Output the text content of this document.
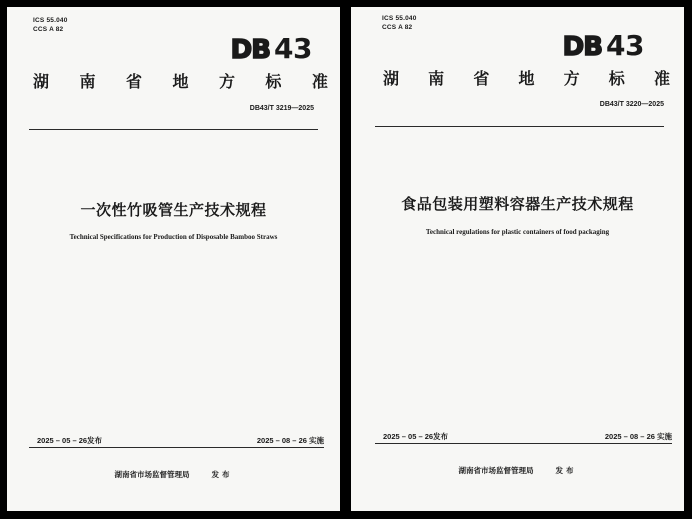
ICS 55.040
CCS A 82
DB 43
湖 南 省 地 方 标 准
DB43/T 3219—2025
一次性竹吸管生产技术规程
Technical Specifications for Production of Disposable Bamboo Straws
2025 – 05 – 26发布	2025 – 08 – 26 实施
湖南省市场监督管理局	发布
ICS 55.040
CCS A 82
DB 43
湖 南 省 地 方 标 准
DB43/T 3220—2025
食品包装用塑料容器生产技术规程
Technical regulations for plastic containers of food packaging
2025 – 05 – 26发布	2025 – 08 – 26 实施
湖南省市场监督管理局	发布
